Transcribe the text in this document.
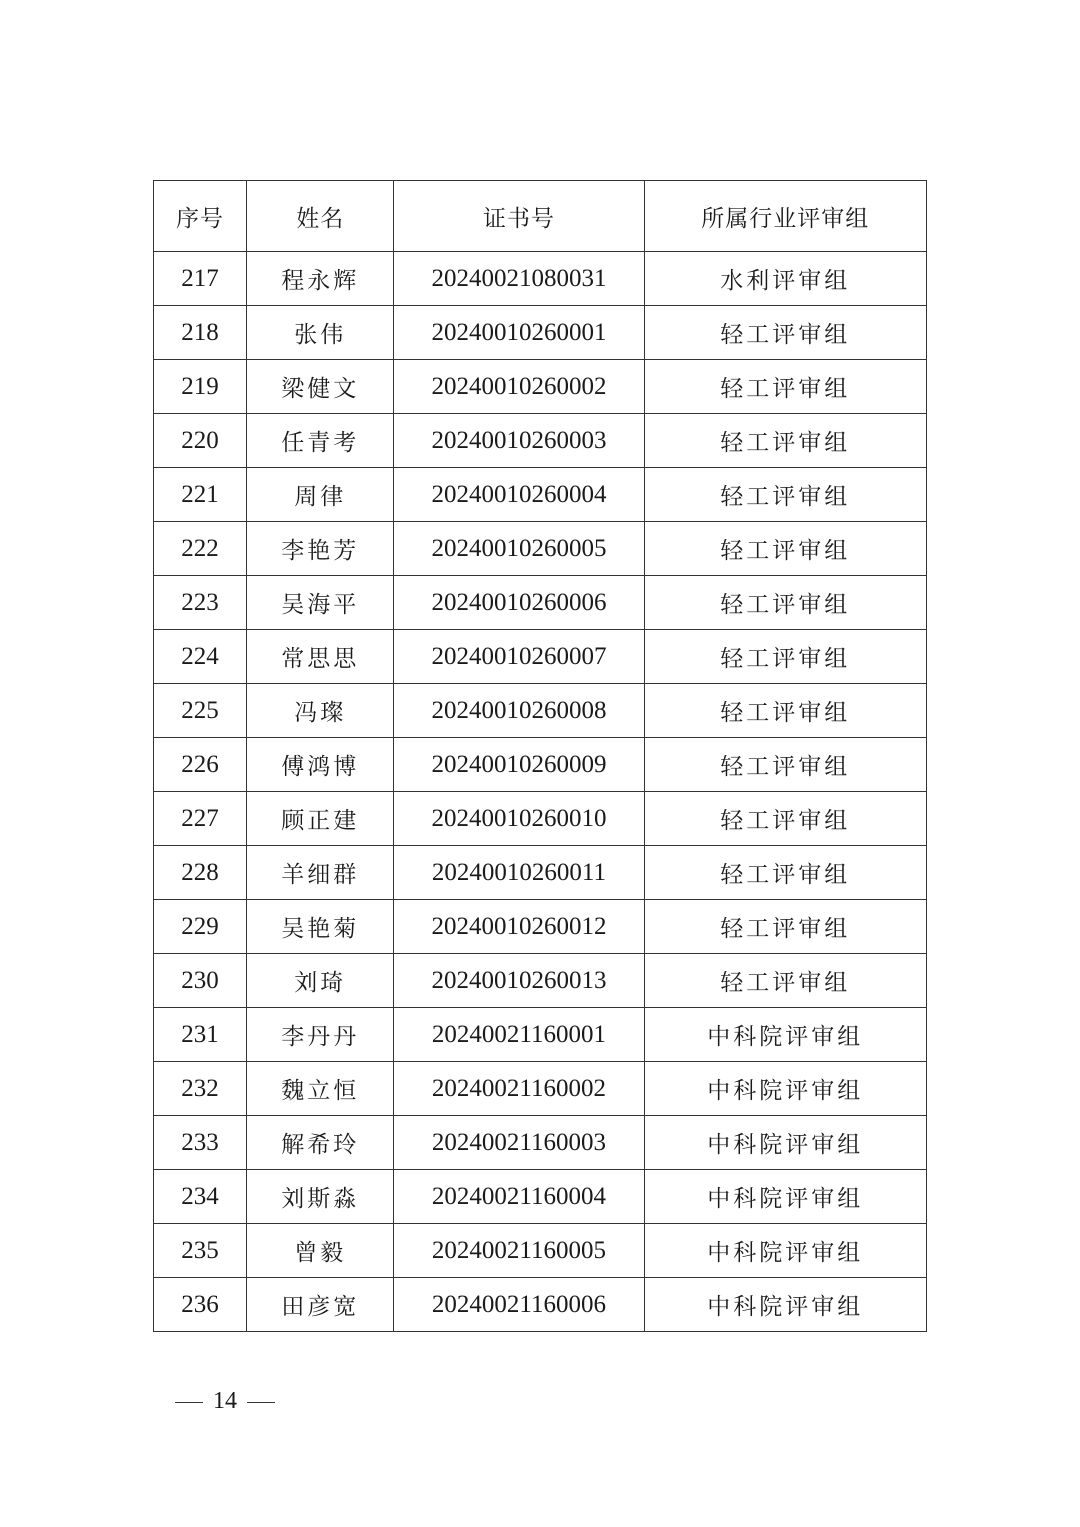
序号	姓名	证书号	所属行业评审组
217	程永辉	20240021080031	水利评审组
218	张伟	20240010260001	轻工评审组
219	梁健文	20240010260002	轻工评审组
220	任青考	20240010260003	轻工评审组
221	周律	20240010260004	轻工评审组
222	李艳芳	20240010260005	轻工评审组
223	吴海平	20240010260006	轻工评审组
224	常思思	20240010260007	轻工评审组
225	冯璨	20240010260008	轻工评审组
226	傅鸿博	20240010260009	轻工评审组
227	顾正建	20240010260010	轻工评审组
228	羊细群	20240010260011	轻工评审组
229	吴艳菊	20240010260012	轻工评审组
230	刘琦	20240010260013	轻工评审组
231	李丹丹	20240021160001	中科院评审组
232	魏立恒	20240021160002	中科院评审组
233	解希玲	20240021160003	中科院评审组
234	刘斯淼	20240021160004	中科院评审组
235	曾毅	20240021160005	中科院评审组
236	田彦宽	20240021160006	中科院评审组
14
